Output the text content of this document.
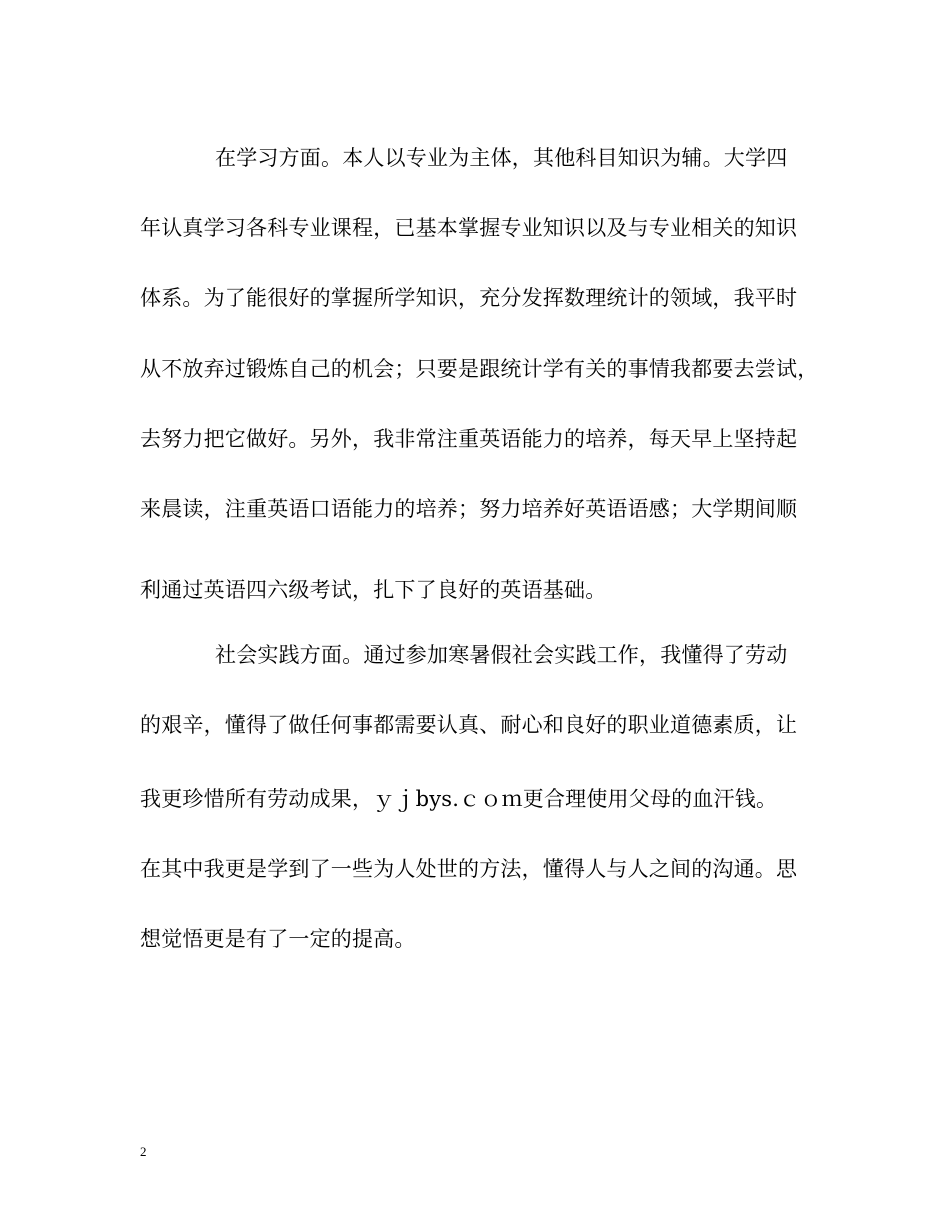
在学习方面。本人以专业为主体，其他科目知识为辅。大学四
年认真学习各科专业课程，已基本掌握专业知识以及与专业相关的知识
体系。为了能很好的掌握所学知识，充分发挥数理统计的领域，我平时
从不放弃过锻炼自己的机会；只要是跟统计学有关的事情我都要去尝试，
去努力把它做好。另外，我非常注重英语能力的培养，每天早上坚持起
来晨读，注重英语口语能力的培养；努力培养好英语语感；大学期间顺
利通过英语四六级考试，扎下了良好的英语基础。
社会实践方面。通过参加寒暑假社会实践工作，我懂得了劳动
的艰辛，懂得了做任何事都需要认真、耐心和良好的职业道德素质，让
我更珍惜所有劳动成果，ｙｊbys.ｃｏｍ更合理使用父母的血汗钱。
在其中我更是学到了一些为人处世的方法，懂得人与人之间的沟通。思
想觉悟更是有了一定的提高。
2
